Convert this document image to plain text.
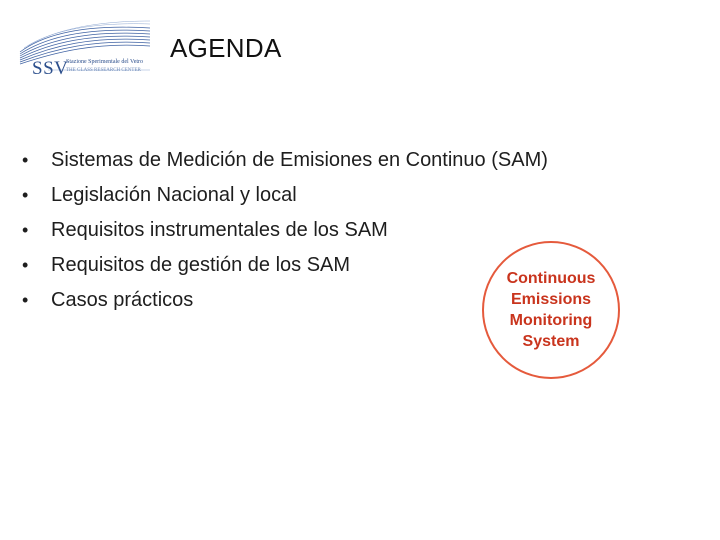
SSV
Stazione Sperimentale del Vetro
THE GLASS RESEARCH CENTER
AGENDA
•	Sistemas de Medición de Emisiones en Continuo (SAM)
•	Legislación Nacional y local
•	Requisitos instrumentales de los SAM
•	Requisitos de gestión de los SAM
•	Casos prácticos
Continuous
Emissions
Monitoring
System
